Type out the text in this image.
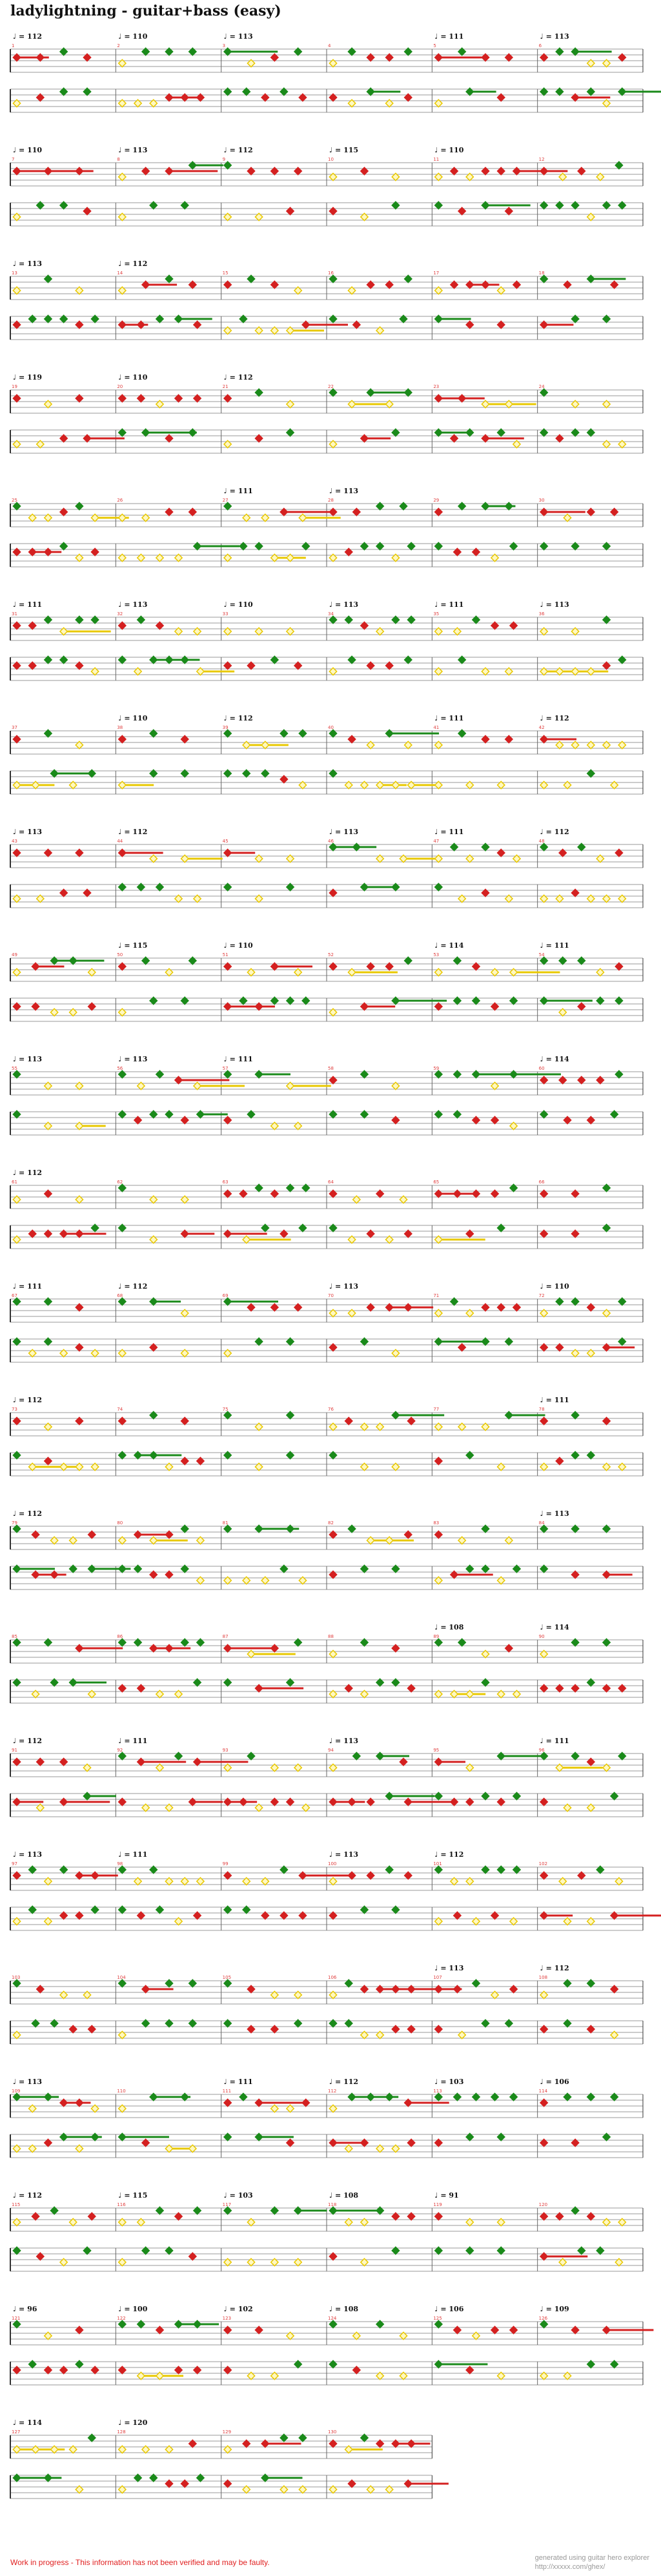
ladylightning - guitar+bass (easy)
♩ = 112	♩ = 110	♩ = 113	♩ = 111	♩ = 113
1	2	3	4	5	6
♩ = 110	♩ = 113	♩ = 112	♩ = 115	♩ = 110
7	8	9	10	11	12
♩ = 113	♩ = 112
13	14	15	16	17	18
♩ = 119	♩ = 110	♩ = 112
19	20	21	22	23	24
♩ = 111	♩ = 113
25	26	27	28	29	30
♩ = 111	♩ = 113	♩ = 110	♩ = 113	♩ = 111	♩ = 113
31	32	33	34	35	36
♩ = 110	♩ = 112	♩ = 111	♩ = 112
37	38	39	40	41	42
♩ = 113	♩ = 112	♩ = 113	♩ = 111	♩ = 112
43	44	45	46	47	48
♩ = 115	♩ = 110	♩ = 114	♩ = 111
49	50	51	52	53	54
♩ = 113	♩ = 113	♩ = 111	♩ = 114
55	56	57	58	59	60
♩ = 112
61	62	63	64	65	66
♩ = 111	♩ = 112	♩ = 113	♩ = 110
67	68	69	70	71	72
♩ = 112	♩ = 111
73	74	75	76	77	78
♩ = 112	♩ = 113
79	80	81	82	83	84
♩ = 108	♩ = 114
85	86	87	88	89	90
♩ = 112	♩ = 111	♩ = 113	♩ = 111
91	92	93	94	95	96
♩ = 113	♩ = 111	♩ = 113	♩ = 112
97	98	99	100	101	102
♩ = 113	♩ = 112
103	104	105	106	107	108
♩ = 113	♩ = 111	♩ = 112	♩ = 103	♩ = 106
109	110	111	112	113	114
♩ = 112	♩ = 115	♩ = 103	♩ = 108	♩ = 91
115	116	117	118	119	120
♩ = 96	♩ = 100	♩ = 102	♩ = 108	♩ = 106	♩ = 109
121	122	123	124	125	126
♩ = 114	♩ = 120
127	128	129	130
Work in progress - This information has not been verified and may be faulty.	generated using guitar hero explorer
http://xxxxx.com/ghex/
